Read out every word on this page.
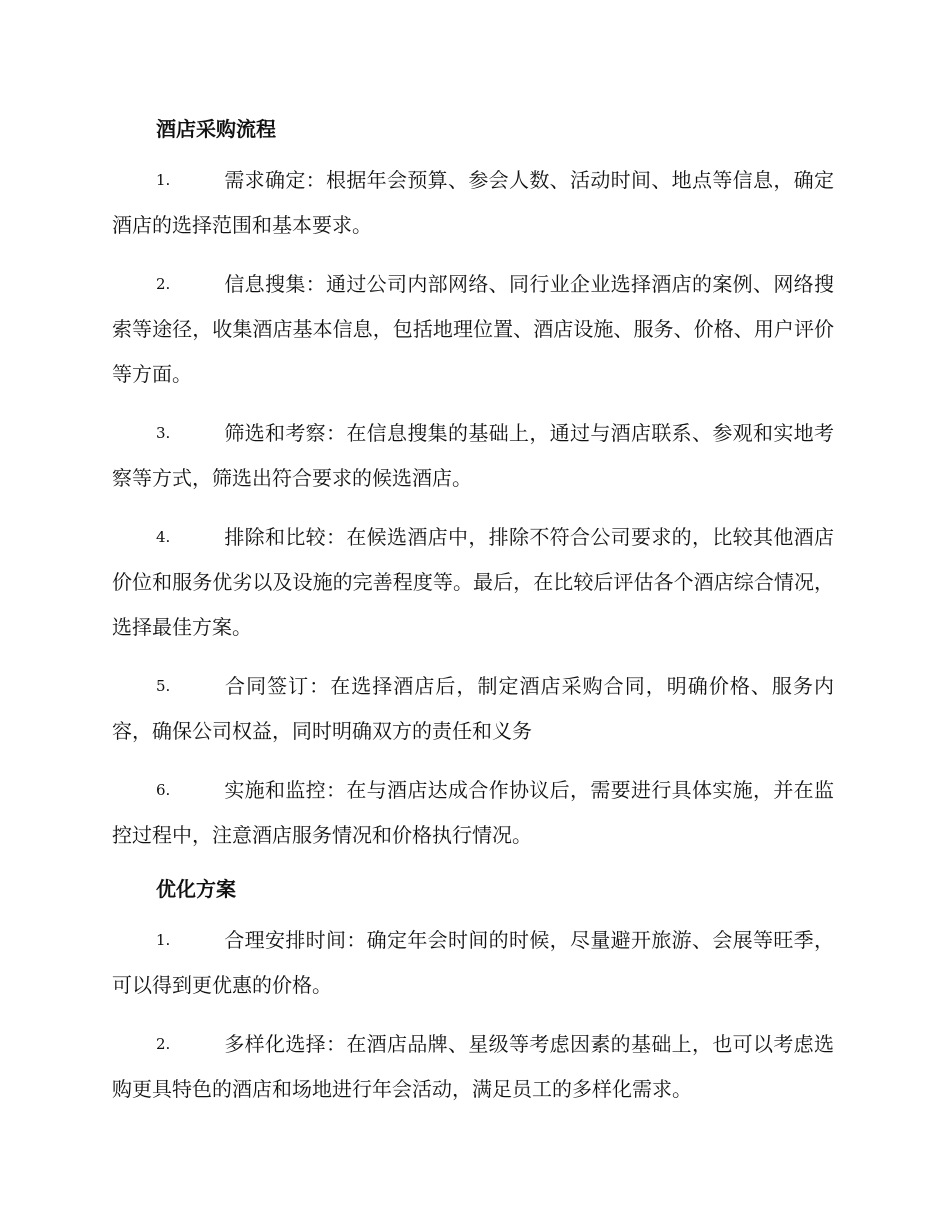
酒店采购流程
1.	需求确定：根据年会预算、参会人数、活动时间、地点等信息，确定酒店的选择范围和基本要求。
2.	信息搜集：通过公司内部网络、同行业企业选择酒店的案例、网络搜索等途径，收集酒店基本信息，包括地理位置、酒店设施、服务、价格、用户评价等方面。
3.	筛选和考察：在信息搜集的基础上，通过与酒店联系、参观和实地考察等方式，筛选出符合要求的候选酒店。
4.	排除和比较：在候选酒店中，排除不符合公司要求的，比较其他酒店价位和服务优劣以及设施的完善程度等。最后，在比较后评估各个酒店综合情况，选择最佳方案。
5.	合同签订：在选择酒店后，制定酒店采购合同，明确价格、服务内容，确保公司权益，同时明确双方的责任和义务
6.	实施和监控：在与酒店达成合作协议后，需要进行具体实施，并在监控过程中，注意酒店服务情况和价格执行情况。
优化方案
1.	合理安排时间：确定年会时间的时候，尽量避开旅游、会展等旺季，可以得到更优惠的价格。
2.	多样化选择：在酒店品牌、星级等考虑因素的基础上，也可以考虑选购更具特色的酒店和场地进行年会活动，满足员工的多样化需求。
